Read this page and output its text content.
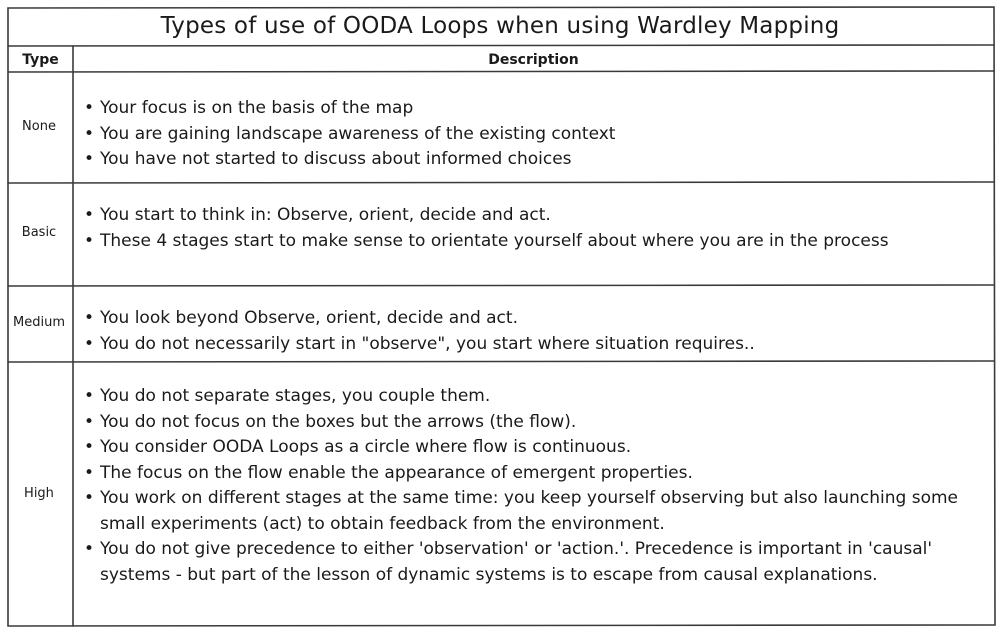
Types of use of OODA Loops when using Wardley Mapping
Type	Description
None
• Your focus is on the basis of the map
• You are gaining landscape awareness of the existing context
• You have not started to discuss about informed choices
Basic
• You start to think in: Observe, orient, decide and act.
• These 4 stages start to make sense to orientate yourself about where you are in the process
Medium
•	You look beyond Observe, orient, decide and act.
• You do not necessarily start in "observe", you start where situation requires..
High
• You do not separate stages, you couple them.
• You do not focus on the boxes but the arrows (the flow).
• You consider OODA Loops as a circle where flow is continuous.
• The focus on the flow enable the appearance of emergent properties.
• You work on different stages at the same time: you keep yourself observing but also launching some small experiments (act) to obtain feedback from the environment.
• You do not give precedence to either 'observation' or 'action.'. Precedence is important in 'causal' systems - but part of the lesson of dynamic systems is to escape from causal explanations.
